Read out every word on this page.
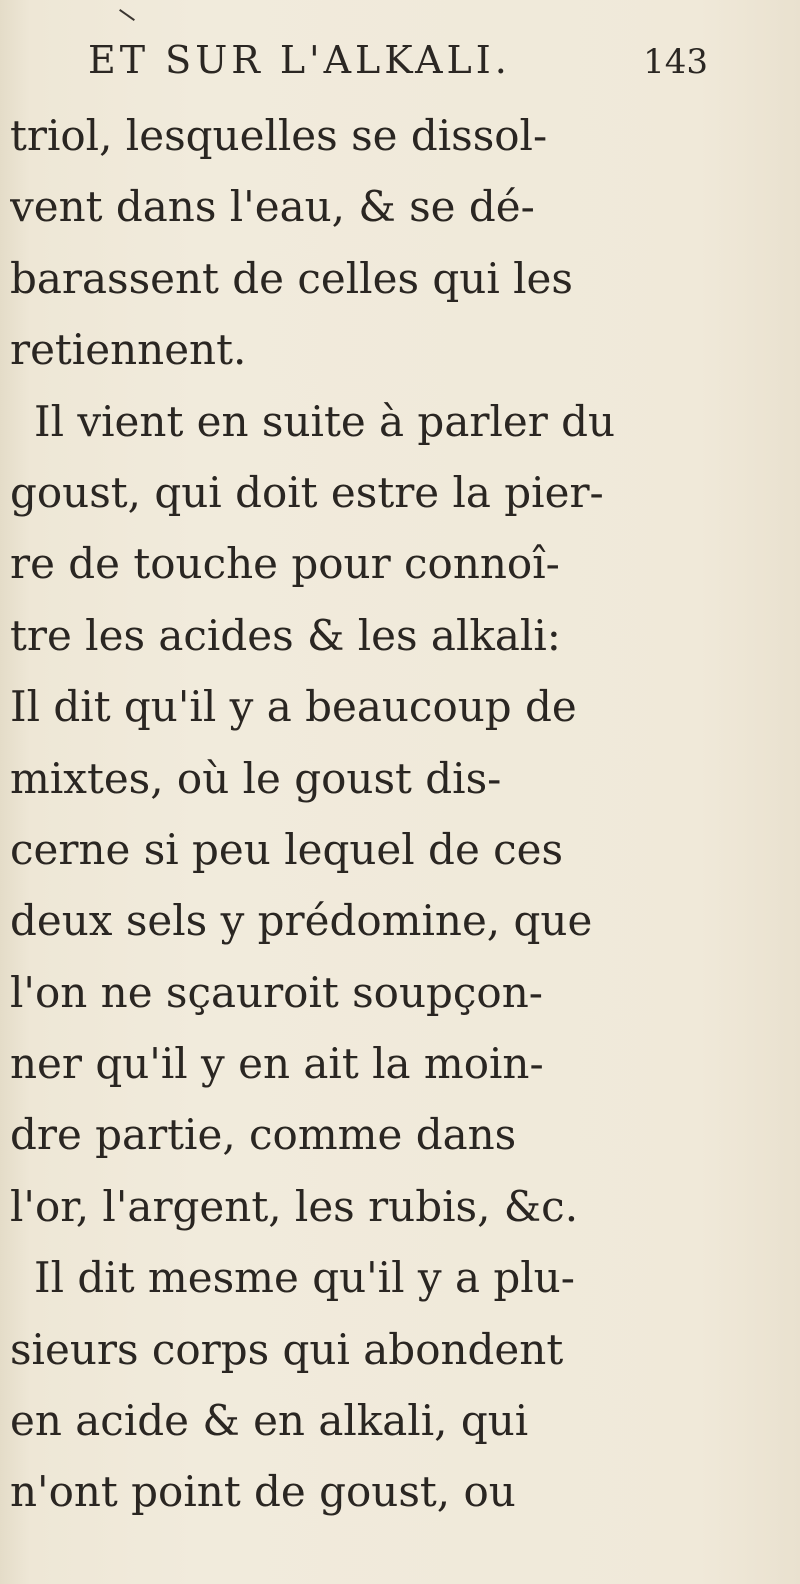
ET SUR L'ALKALI.	143
triol, lesquelles se dissol-
vent dans l'eau, & se dé-
barassent de celles qui les
retiennent.
Il vient en suite à parler du
goust, qui doit estre la pier-
re de touche pour connoî-
tre les acides & les alkali:
Il dit qu'il y a beaucoup de
mixtes, où le goust dis-
cerne si peu lequel de ces
deux sels y prédomine, que
l'on ne sçauroit soupçon-
ner qu'il y en ait la moin-
dre partie, comme dans
l'or, l'argent, les rubis, &c.
Il dit mesme qu'il y a plu-
sieurs corps qui abondent
en acide & en alkali, qui
n'ont point de goust, ou
